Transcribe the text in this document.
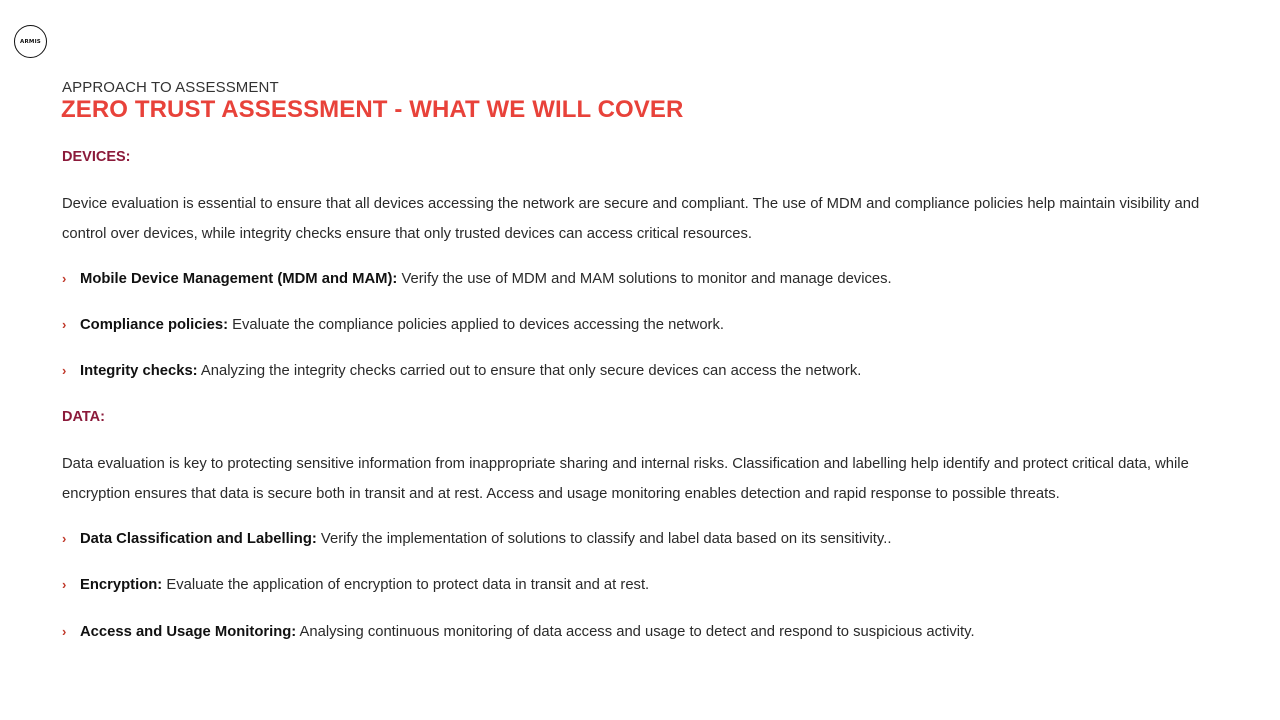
ARMIS
APPROACH TO ASSESSMENT
ZERO TRUST ASSESSMENT - WHAT WE WILL COVER
DEVICES:
Device evaluation is essential to ensure that all devices accessing the network are secure and compliant. The use of MDM and compliance policies help maintain visibility and control over devices, while integrity checks ensure that only trusted devices can access critical resources.
› Mobile Device Management (MDM and MAM): Verify the use of MDM and MAM solutions to monitor and manage devices.
› Compliance policies: Evaluate the compliance policies applied to devices accessing the network.
› Integrity checks: Analyzing the integrity checks carried out to ensure that only secure devices can access the network.
DATA:
Data evaluation is key to protecting sensitive information from inappropriate sharing and internal risks. Classification and labelling help identify and protect critical data, while encryption ensures that data is secure both in transit and at rest. Access and usage monitoring enables detection and rapid response to possible threats.
› Data Classification and Labelling: Verify the implementation of solutions to classify and label data based on its sensitivity..
› Encryption: Evaluate the application of encryption to protect data in transit and at rest.
› Access and Usage Monitoring: Analysing continuous monitoring of data access and usage to detect and respond to suspicious activity.
